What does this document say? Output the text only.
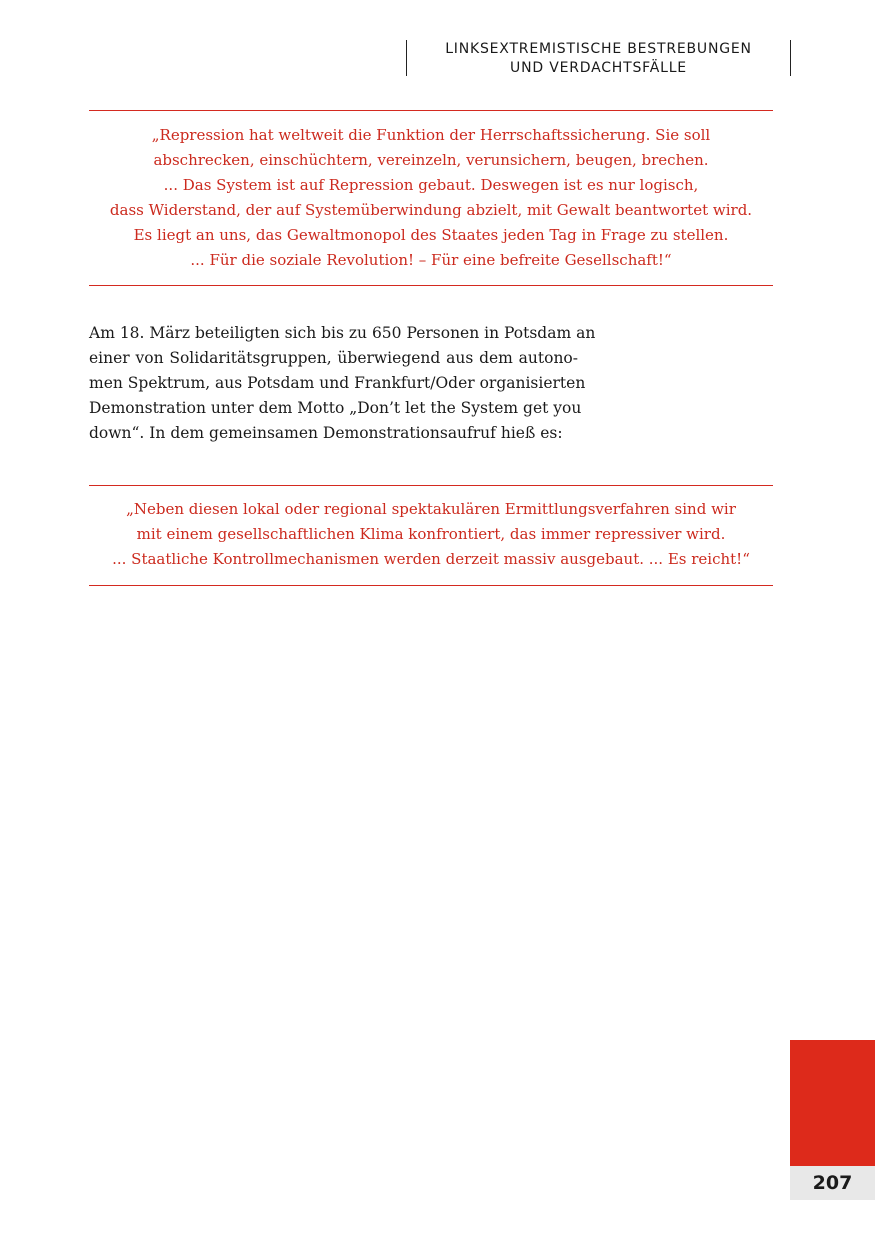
LINKSEXTREMISTISCHE BESTREBUNGEN
UND VERDACHTSFÄLLE
„Repression hat weltweit die Funktion der Herrschaftssicherung. Sie soll
abschrecken, einschüchtern, vereinzeln, verunsichern, beugen, brechen.
... Das System ist auf Repression gebaut. Deswegen ist es nur logisch,
dass Widerstand, der auf Systemüberwindung abzielt, mit Gewalt beantwortet wird.
Es liegt an uns, das Gewaltmonopol des Staates jeden Tag in Frage zu stellen.
... Für die soziale Revolution! – Für eine befreite Gesellschaft!“
Am 18. März beteiligten sich bis zu 650 Personen in Potsdam an
einer von Solidaritätsgruppen, überwiegend aus dem autono-
men Spektrum, aus Potsdam und Frankfurt/Oder organisierten
Demonstration unter dem Motto „Don’t let the System get you
down“. In dem gemeinsamen Demonstrationsaufruf hieß es:
„Neben diesen lokal oder regional spektakulären Ermittlungsverfahren sind wir
mit einem gesellschaftlichen Klima konfrontiert, das immer repressiver wird.
... Staatliche Kontrollmechanismen werden derzeit massiv ausgebaut. ... Es reicht!“
207
